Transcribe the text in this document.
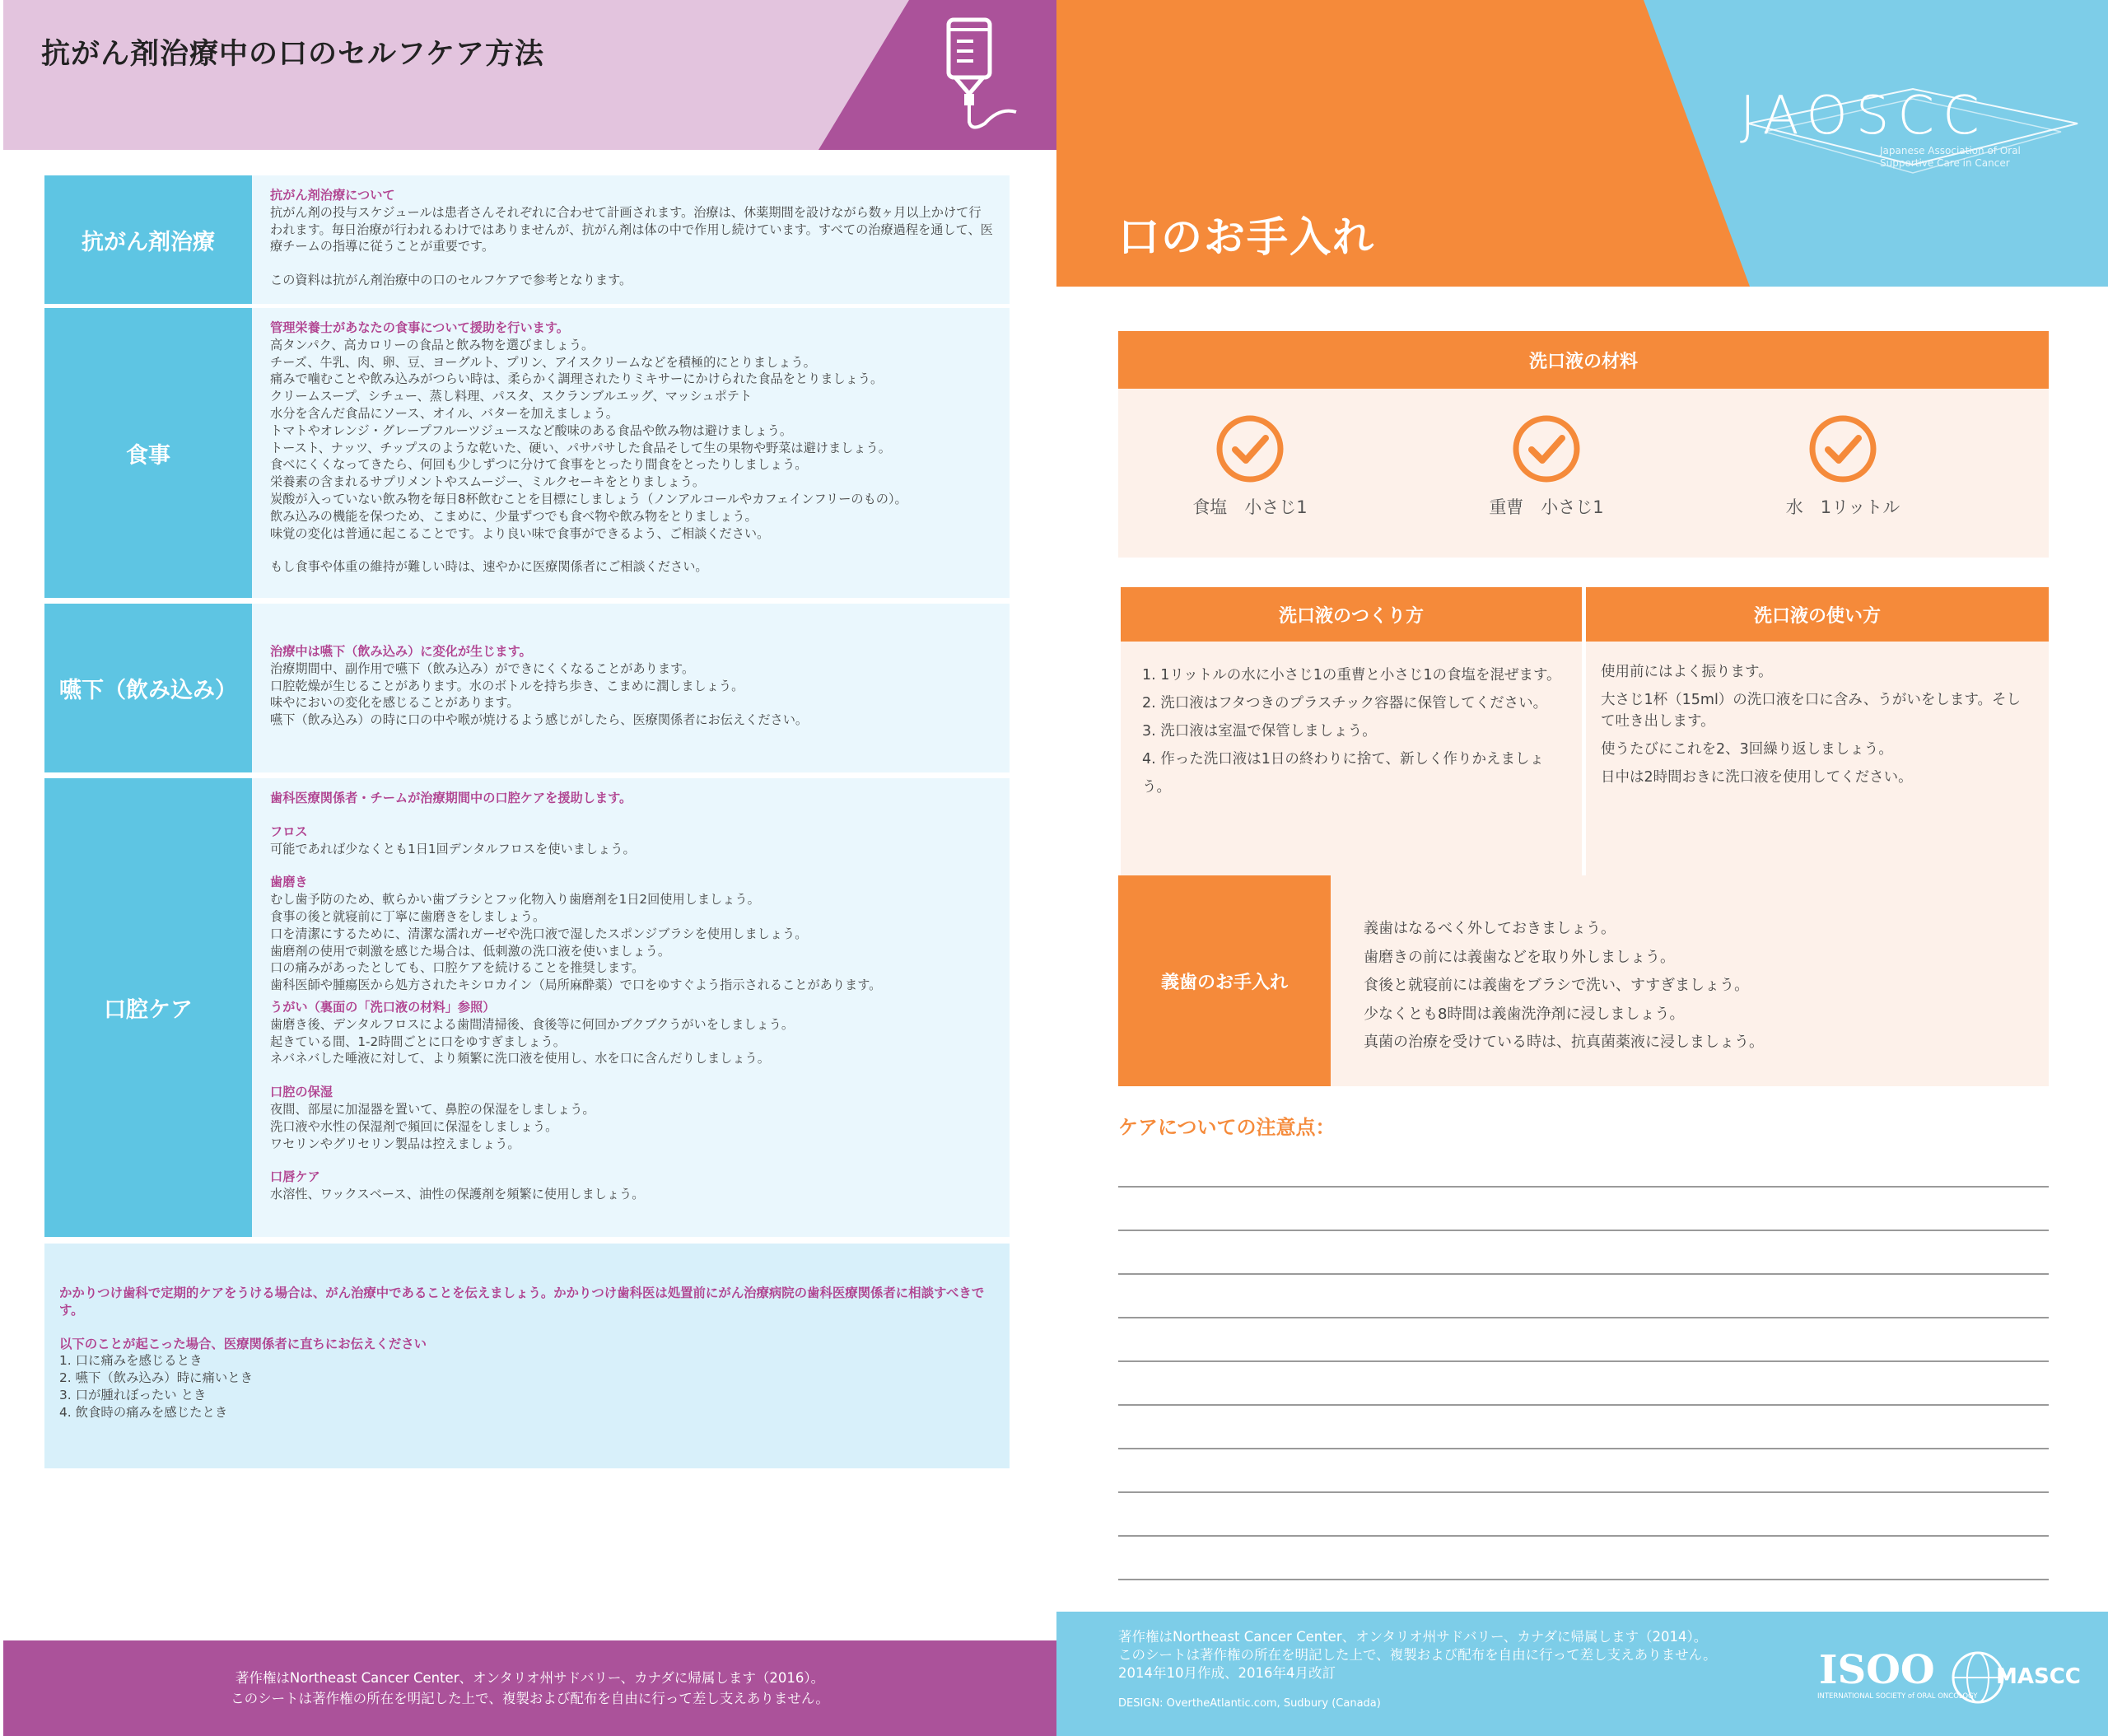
抗がん剤治療中の口のセルフケア方法
抗がん剤治療
抗がん剤治療について
抗がん剤の投与スケジュールは患者さんそれぞれに合わせて計画されます。治療は、休薬期間を設けながら数ヶ月以上かけて行
われます。毎日治療が行われるわけではありませんが、抗がん剤は体の中で作用し続けています。すべての治療過程を通して、医
療チームの指導に従うことが重要です。
この資料は抗がん剤治療中の口のセルフケアで参考となります。
食事
管理栄養士があなたの食事について援助を行います。
高タンパク、高カロリーの食品と飲み物を選びましょう。
チーズ、牛乳、肉、卵、豆、ヨーグルト、プリン、アイスクリームなどを積極的にとりましょう。
痛みで噛むことや飲み込みがつらい時は、柔らかく調理されたりミキサーにかけられた食品をとりましょう。
クリームスープ、シチュー、蒸し料理、パスタ、スクランブルエッグ、マッシュポテト
水分を含んだ食品にソース、オイル、バターを加えましょう。
トマトやオレンジ・グレープフルーツジュースなど酸味のある食品や飲み物は避けましょう。
トースト、ナッツ、チップスのような乾いた、硬い、パサパサした食品そして生の果物や野菜は避けましょう。
食べにくくなってきたら、何回も少しずつに分けて食事をとったり間食をとったりしましょう。
栄養素の含まれるサプリメントやスムージー、ミルクセーキをとりましょう。
炭酸が入っていない飲み物を毎日8杯飲むことを目標にしましょう（ノンアルコールやカフェインフリーのもの）。
飲み込みの機能を保つため、こまめに、少量ずつでも食べ物や飲み物をとりましょう。
味覚の変化は普通に起こることです。より良い味で食事ができるよう、ご相談ください。
もし食事や体重の維持が難しい時は、速やかに医療関係者にご相談ください。
嚥下（飲み込み）
治療中は嚥下（飲み込み）に変化が生じます。
治療期間中、副作用で嚥下（飲み込み）ができにくくなることがあります。
口腔乾燥が生じることがあります。水のボトルを持ち歩き、こまめに潤しましょう。
味やにおいの変化を感じることがあります。
嚥下（飲み込み）の時に口の中や喉が焼けるよう感じがしたら、医療関係者にお伝えください。
口腔ケア
歯科医療関係者・チームが治療期間中の口腔ケアを援助します。
フロス
可能であれば少なくとも1日1回デンタルフロスを使いましょう。
歯磨き
むし歯予防のため、軟らかい歯ブラシとフッ化物入り歯磨剤を1日2回使用しましょう。
食事の後と就寝前に丁寧に歯磨きをしましょう。
口を清潔にするために、清潔な濡れガーゼや洗口液で湿したスポンジブラシを使用しましょう。
歯磨剤の使用で刺激を感じた場合は、低刺激の洗口液を使いましょう。
口の痛みがあったとしても、口腔ケアを続けることを推奨します。
歯科医師や腫瘍医から処方されたキシロカイン（局所麻酔薬）で口をゆすぐよう指示されることがあります。
うがい（裏面の「洗口液の材料」参照）
歯磨き後、デンタルフロスによる歯間清掃後、食後等に何回かブクブクうがいをしましょう。
起きている間、1-2時間ごとに口をゆすぎましょう。
ネバネバした唾液に対して、より頻繁に洗口液を使用し、水を口に含んだりしましょう。
口腔の保湿
夜間、部屋に加湿器を置いて、鼻腔の保湿をしましょう。
洗口液や水性の保湿剤で頻回に保湿をしましょう。
ワセリンやグリセリン製品は控えましょう。
口唇ケア
水溶性、ワックスベース、油性の保護剤を頻繁に使用しましょう。
かかりつけ歯科で定期的ケアをうける場合は、がん治療中であることを伝えましょう。かかりつけ歯科医は処置前にがん治療病院の歯科医療関係者に相談すべきです。
以下のことが起こった場合、医療関係者に直ちにお伝えください
1. 口に痛みを感じるとき
2. 嚥下（飲み込み）時に痛いとき
3. 口が腫れぼったい とき
4. 飲食時の痛みを感じたとき
著作権はNortheast Cancer Center、オンタリオ州サドバリー、カナダに帰属します（2016）。
このシートは著作権の所在を明記した上で、複製および配布を自由に行って差し支えありません。
JAOSCC
Japanese Association of Oral Supportive Care in Cancer
口のお手入れ
洗口液の材料
食塩　小さじ1	重曹　小さじ1	水　1リットル
洗口液のつくり方
1. 1リットルの水に小さじ1の重曹と小さじ1の食塩を混ぜます。
2. 洗口液はフタつきのプラスチック容器に保管してください。
3. 洗口液は室温で保管しましょう。
4. 作った洗口液は1日の終わりに捨て、新しく作りかえましょう。
洗口液の使い方
使用前にはよく振ります。
大さじ1杯（15ml）の洗口液を口に含み、うがいをします。そして吐き出します。
使うたびにこれを2、3回繰り返しましょう。
日中は2時間おきに洗口液を使用してください。
義歯のお手入れ
義歯はなるべく外しておきましょう。
歯磨きの前には義歯などを取り外しましょう。
食後と就寝前には義歯をブラシで洗い、すすぎましょう。
少なくとも8時間は義歯洗浄剤に浸しましょう。
真菌の治療を受けている時は、抗真菌薬液に浸しましょう。
ケアについての注意点：
著作権はNortheast Cancer Center、オンタリオ州サドバリー、カナダに帰属します（2014）。
このシートは著作権の所在を明記した上で、複製および配布を自由に行って差し支えありません。
2014年10月作成、2016年4月改訂
DESIGN: OvertheAtlantic.com, Sudbury (Canada)
ISOO
INTERNATIONAL SOCIETY of ORAL ONCOLOGY
MASCC
